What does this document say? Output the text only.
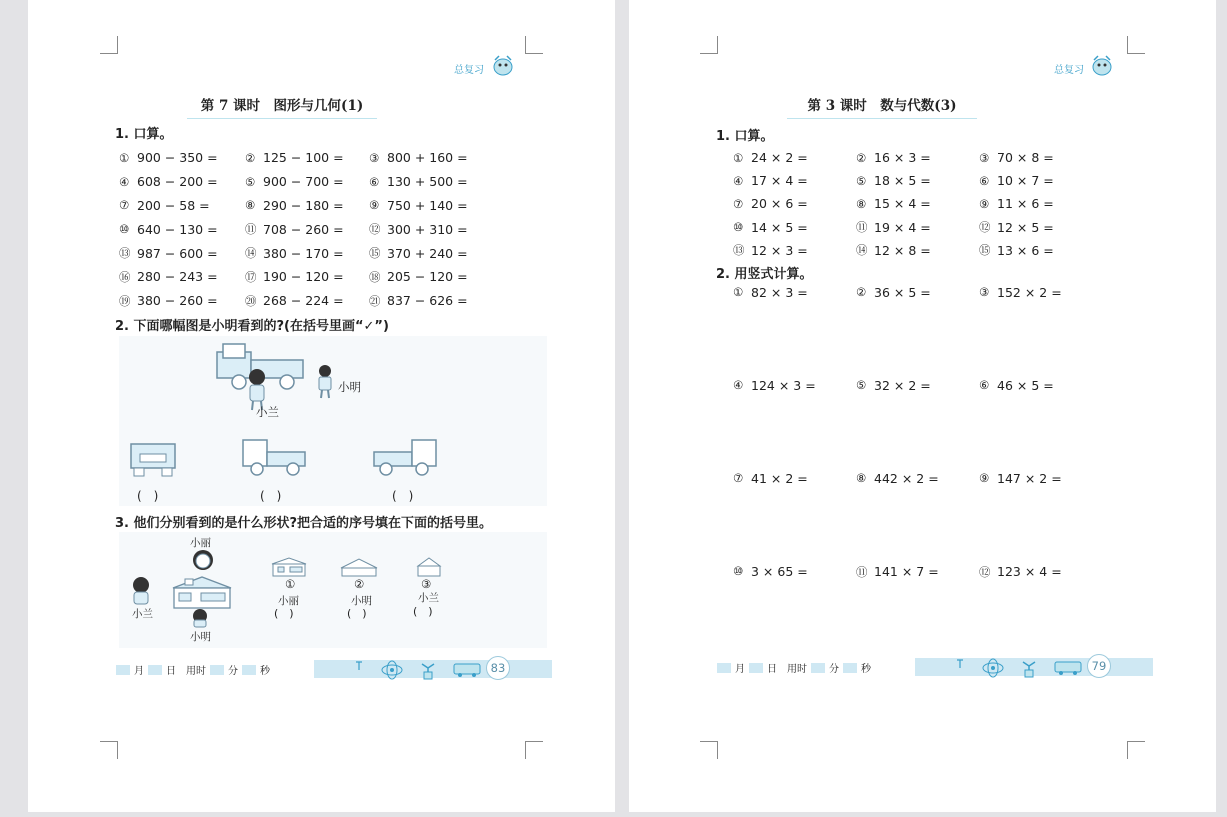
总复习
第 7 课时　图形与几何(1)
1. 口算。
① 900 − 350 = ② 125 − 100 = ③ 800 + 160 =
④ 608 − 200 = ⑤ 900 − 700 = ⑥ 130 + 500 =
⑦ 200 − 58 =	⑧ 290 − 180 = ⑨ 750 + 140 =
⑩ 640 − 130 = ⑪ 708 − 260 = ⑫ 300 + 310 =
⑬ 987 − 600 = ⑭ 380 − 170 = ⑮ 370 + 240 =
⑯ 280 − 243 = ⑰ 190 − 120 = ⑱ 205 − 120 =
⑲ 380 − 260 = ⑳ 268 − 224 = ㉑ 837 − 626 =
2. 下面哪幅图是小明看到的?(在括号里画“✓”)
小明
小兰
(　)	(　)	(　)
3. 他们分别看到的是什么形状?把合适的序号填在下面的括号里。
小丽
小兰
小明
①	②	③
小丽	小明	小兰
(　)	(　)	(　)
月 日 用时 分 秒	83
总复习
第 3 课时　数与代数(3)
1. 口算。
① 24 × 2 =	② 16 × 3 =	③ 70 × 8 =
④ 17 × 4 =	⑤ 18 × 5 =	⑥ 10 × 7 =
⑦ 20 × 6 =	⑧ 15 × 4 =	⑨ 11 × 6 =
⑩ 14 × 5 =	⑪ 19 × 4 =	⑫ 12 × 5 =
⑬ 12 × 3 =	⑭ 12 × 8 =	⑮ 13 × 6 =
2. 用竖式计算。
① 82 × 3 =	② 36 × 5 =	③ 152 × 2 =
④ 124 × 3 =	⑤ 32 × 2 =	⑥ 46 × 5 =
⑦ 41 × 2 =	⑧ 442 × 2 =	⑨ 147 × 2 =
⑩ 3 × 65 =	⑪ 141 × 7 =	⑫ 123 × 4 =
月 日 用时 分 秒	79
